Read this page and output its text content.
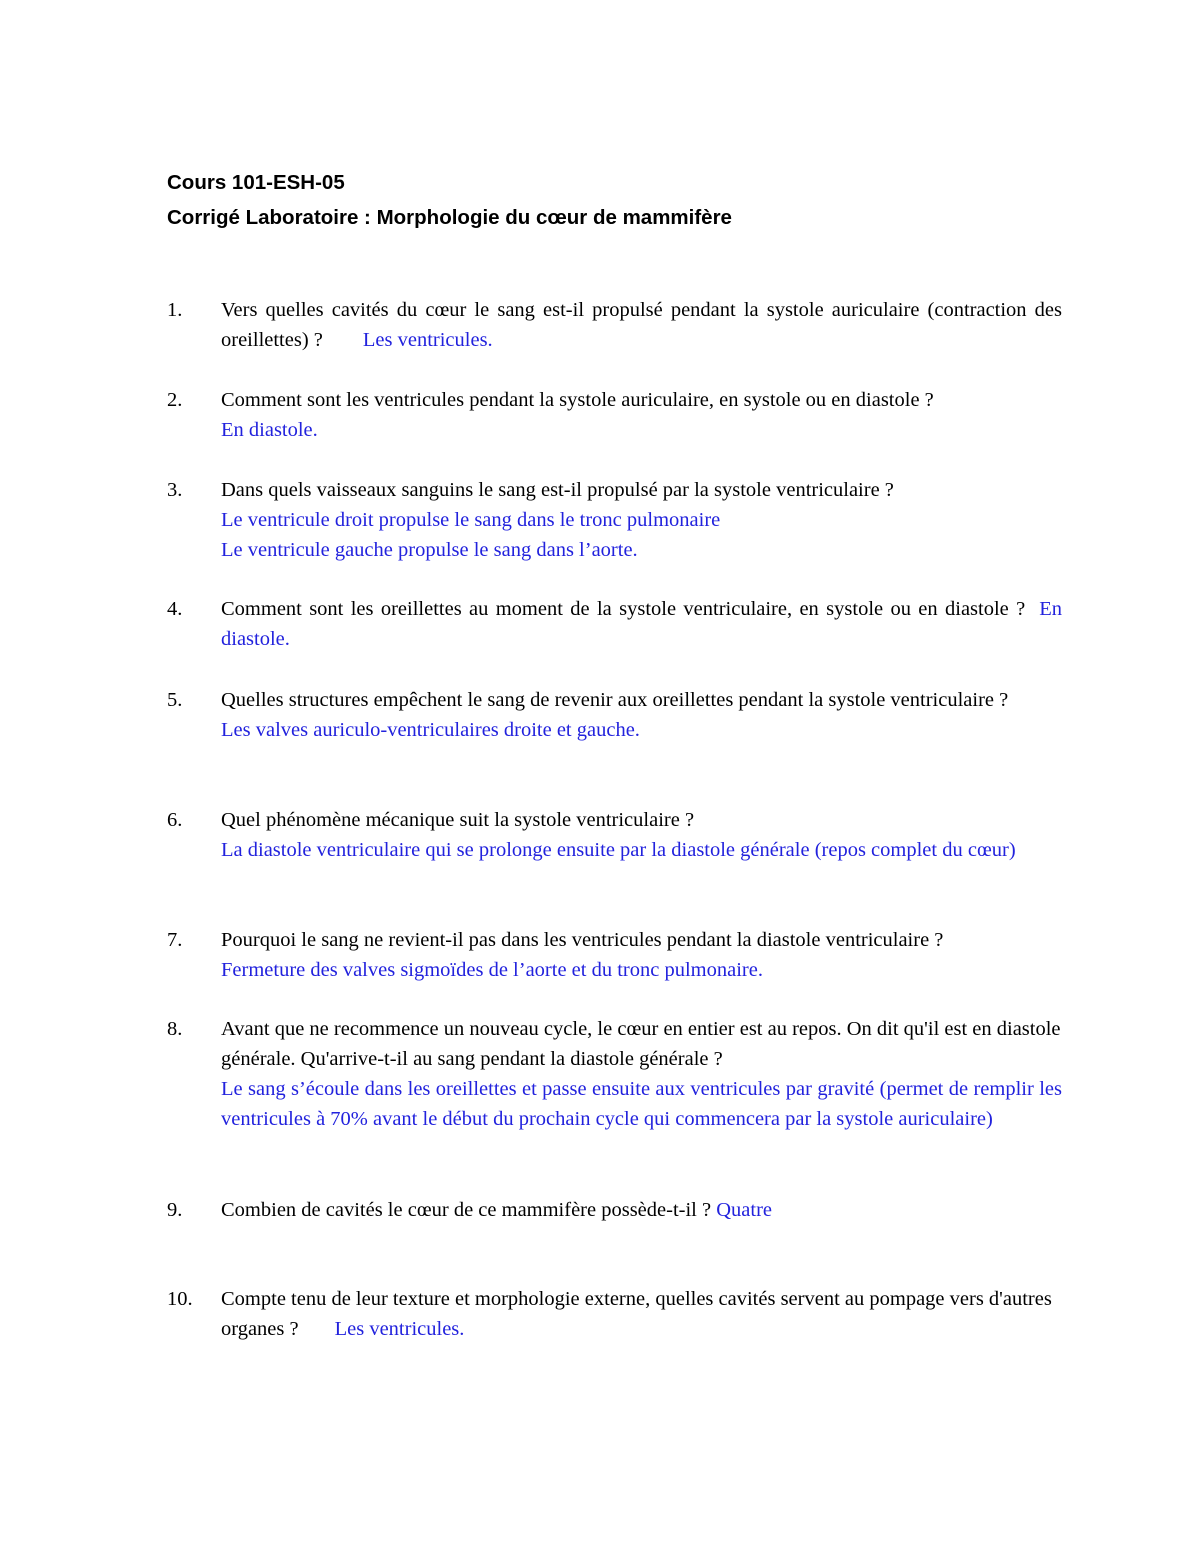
Cours 101-ESH-05
Corrigé Laboratoire : Morphologie du cœur de mammifère
1.	Vers quelles cavités du cœur le sang est-il propulsé pendant la systole auriculaire (contraction des oreillettes) ? Les ventricules.
2.	Comment sont les ventricules pendant la systole auriculaire, en systole ou en diastole ?
En diastole.
3.	Dans quels vaisseaux sanguins le sang est-il propulsé par la systole ventriculaire ?
Le ventricule droit propulse le sang dans le tronc pulmonaire
Le ventricule gauche propulse le sang dans l’aorte.
4.	Comment sont les oreillettes au moment de la systole ventriculaire, en systole ou en diastole ? En diastole.
5.	Quelles structures empêchent le sang de revenir aux oreillettes pendant la systole ventriculaire ?
Les valves auriculo-ventriculaires droite et gauche.
6.	Quel phénomène mécanique suit la systole ventriculaire ?
La diastole ventriculaire qui se prolonge ensuite par la diastole générale (repos complet du cœur)
7.	Pourquoi le sang ne revient-il pas dans les ventricules pendant la diastole ventriculaire ?
Fermeture des valves sigmoïdes de l’aorte et du tronc pulmonaire.
8.	Avant que ne recommence un nouveau cycle, le cœur en entier est au repos. On dit qu'il est en diastole générale. Qu'arrive-t-il au sang pendant la diastole générale ?
Le sang s’écoule dans les oreillettes et passe ensuite aux ventricules par gravité (permet de remplir les ventricules à 70% avant le début du prochain cycle qui commencera par la systole auriculaire)
9.	Combien de cavités le cœur de ce mammifère possède-t-il ? Quatre
10.	Compte tenu de leur texture et morphologie externe, quelles cavités servent au pompage vers d'autres organes ? Les ventricules.
